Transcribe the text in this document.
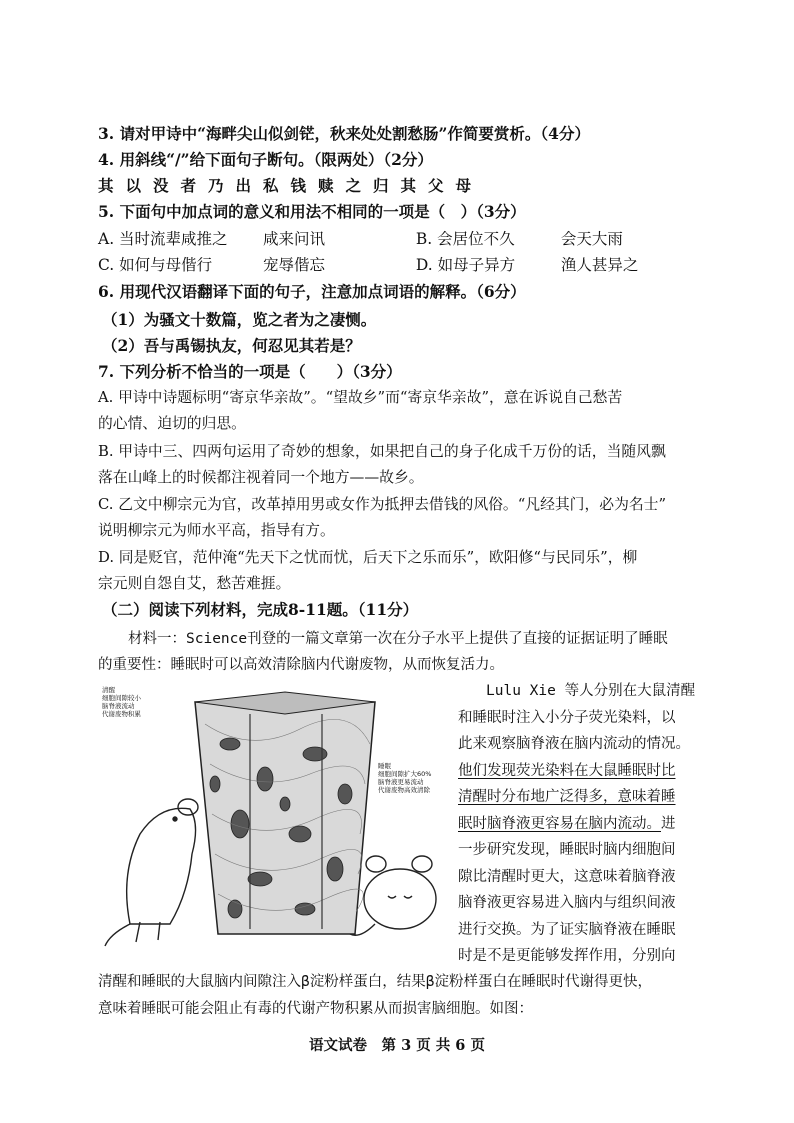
3. 请对甲诗中“海畔尖山似剑铓，秋来处处割愁肠”作简要赏析。（4分）
4. 用斜线“/”给下面句子断句。（限两处）（2分）
其以没者乃出私钱赎之归其父母
5. 下面句中加点词的意义和用法不相同的一项是（　）（3分）
A. 当时流辈咸推之 咸来问讯	B. 会居位不久	会天大雨
C. 如何与母偕行	宠辱偕忘	D. 如母子异方	渔人甚异之
6. 用现代汉语翻译下面的句子，注意加点词语的解释。（6分）
（1）为骚文十数篇，览之者为之凄恻。
（2）吾与禹锡执友，何忍见其若是？
7. 下列分析不恰当的一项是（　　）（3分）
A. 甲诗中诗题标明“寄京华亲故”。“望故乡”而“寄京华亲故”，意在诉说自己愁苦
的心情、迫切的归思。
B. 甲诗中三、四两句运用了奇妙的想象，如果把自己的身子化成千万份的话，当随风飘
落在山峰上的时候都注视着同一个地方——故乡。
C. 乙文中柳宗元为官，改革掉用男或女作为抵押去借钱的风俗。“凡经其门，必为名士”
说明柳宗元为师水平高，指导有方。
D. 同是贬官，范仲淹“先天下之忧而忧，后天下之乐而乐”，欧阳修“与民同乐”，柳
宗元则自怨自艾，愁苦难捱。
（二）阅读下列材料，完成8-11题。（11分）
材料一：Science刊登的一篇文章第一次在分子水平上提供了直接的证据证明了睡眠
的重要性：睡眠时可以高效清除脑内代谢废物，从而恢复活力。
清醒
细胞间隙较小
脑脊液流动
代谢废物积累
睡眠
细胞间隙扩大60%
脑脊液更易流动
代谢废物高效清除
Lulu Xie 等人分别在大鼠清醒
和睡眠时注入小分子荧光染料，以
此来观察脑脊液在脑内流动的情况。
他们发现荧光染料在大鼠睡眠时比
清醒时分布地广泛得多，意味着睡
眠时脑脊液更容易在脑内流动。进
一步研究发现，睡眠时脑内细胞间
隙比清醒时更大，这意味着脑脊液
脑脊液更容易进入脑内与组织间液
进行交换。为了证实脑脊液在睡眠
时是不是更能够发挥作用，分别向
清醒和睡眠的大鼠脑内间隙注入β淀粉样蛋白，结果β淀粉样蛋白在睡眠时代谢得更快，
意味着睡眠可能会阻止有毒的代谢产物积累从而损害脑细胞。如图：
语文试卷　第 3 页 共 6 页
